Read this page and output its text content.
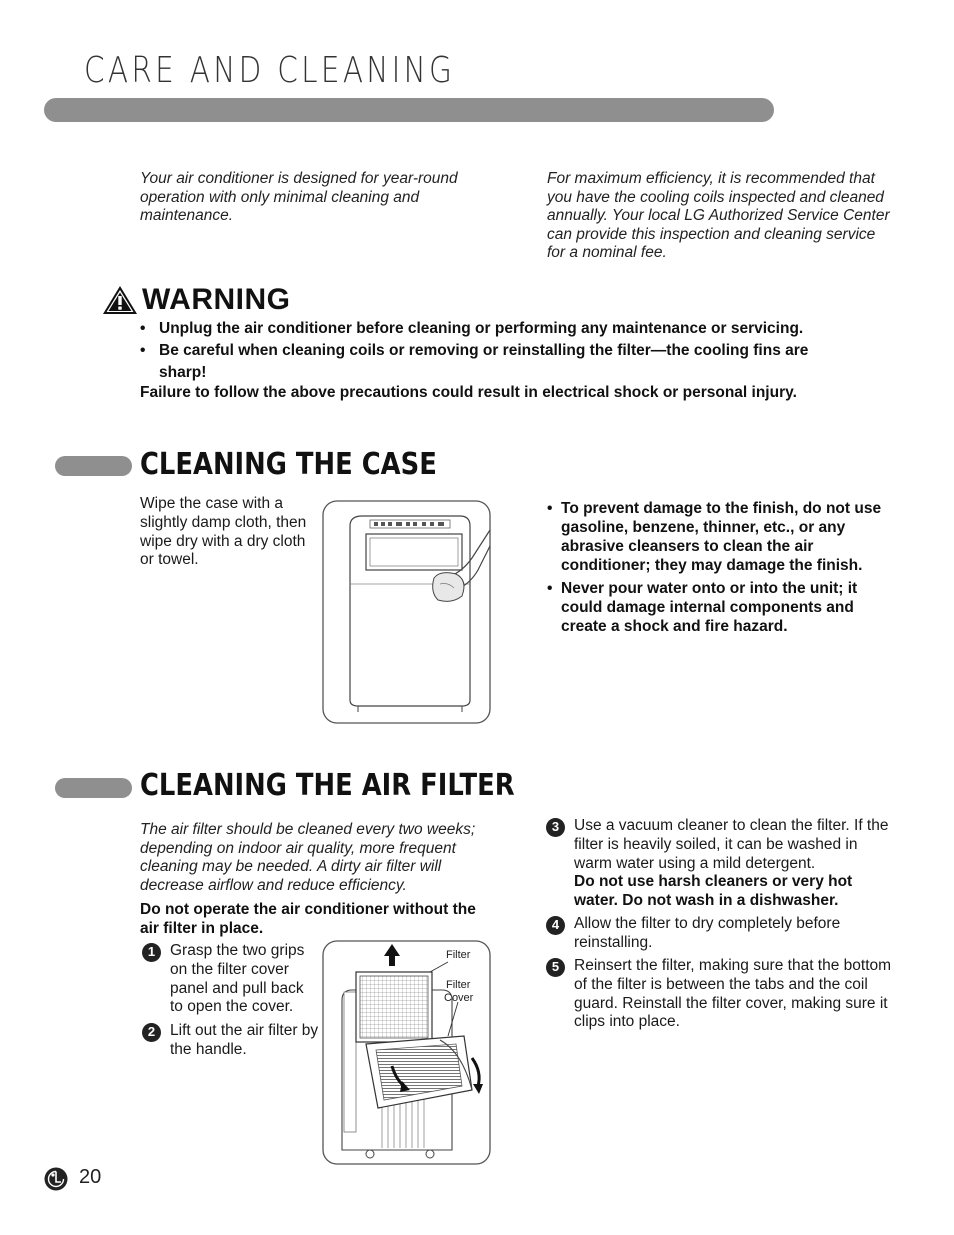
CARE AND CLEANING

Your air conditioner is designed for year-round operation with only minimal cleaning and maintenance.

For maximum efficiency, it is recommended that you have the cooling coils inspected and cleaned annually. Your local LG Authorized Service Center can provide this inspection and cleaning service for a nominal fee.

WARNING
• Unplug the air conditioner before cleaning or performing any maintenance or servicing.
• Be careful when cleaning coils or removing or reinstalling the filter—the cooling fins are sharp!

Failure to follow the above precautions could result in electrical shock or personal injury.

CLEANING THE CASE

Wipe the case with a slightly damp cloth, then wipe dry with a dry cloth or towel.

• To prevent damage to the finish, do not use gasoline, benzene, thinner, etc., or any abrasive cleansers to clean the air conditioner; they may damage the finish.
• Never pour water onto or into the unit; it could damage internal components and create a shock and fire hazard.
CLEANING THE AIR FILTER

The air filter should be cleaned every two weeks; depending on indoor air quality, more frequent cleaning may be needed. A dirty air filter will decrease airflow and reduce efficiency.

Do not operate the air conditioner without the air filter in place.

1 Grasp the two grips on the filter cover panel and pull back to open the cover.
2 Lift out the air filter by the handle.
3 Use a vacuum cleaner to clean the filter. If the filter is heavily soiled, it can be washed in warm water using a mild detergent.
Do not use harsh cleaners or very hot water. Do not wash in a dishwasher.
4 Allow the filter to dry completely before reinstalling.
5 Reinsert the filter, making sure that the bottom of the filter is between the tabs and the coil guard. Reinstall the filter cover, making sure it clips into place.
Filter
Filter
Cover
20
